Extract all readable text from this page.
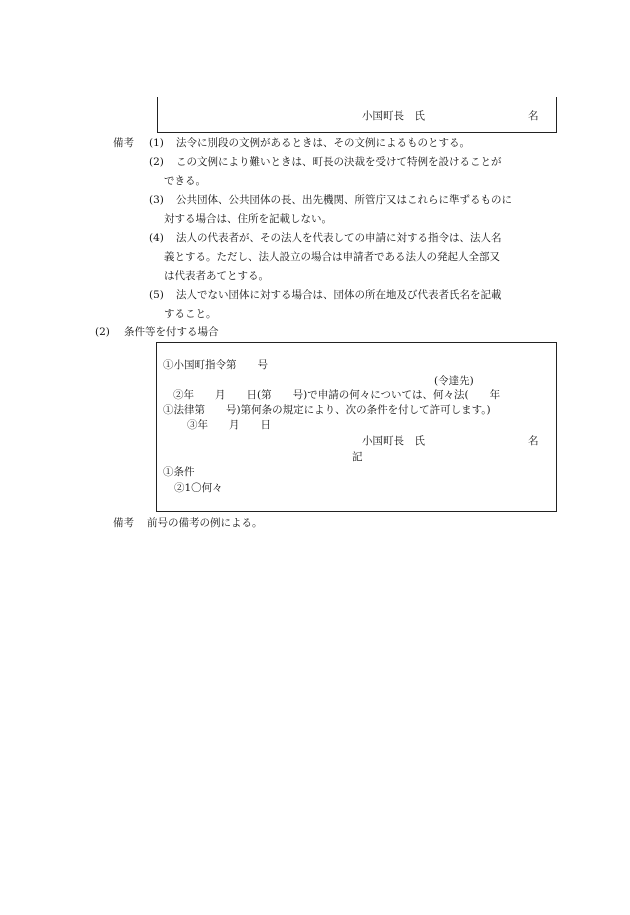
小国町長　氏	名
備考 (1) 法令に別段の文例があるときは、その文例によるものとする。
(2) この文例により難いときは、町長の決裁を受けて特例を設けることが
できる。
(3) 公共団体、公共団体の長、出先機関、所管庁又はこれらに準ずるものに
対する場合は、住所を記載しない。
(4) 法人の代表者が、その法人を代表しての申請に対する指令は、法人名
義とする。ただし、法人設立の場合は申請者である法人の発起人全部又
は代表者あてとする。
(5) 法人でない団体に対する場合は、団体の所在地及び代表者氏名を記載
すること。
(2) 条件等を付する場合
①小国町指令第　　号
(令達先)
②年　　月　　日(第　　号)で申請の何々については、何々法(　　年
①法律第　　号)第何条の規定により、次の条件を付して許可します。)
③年　　月　　日
小国町長　氏	名
記
①条件
②1〇何々
備考 前号の備考の例による。
